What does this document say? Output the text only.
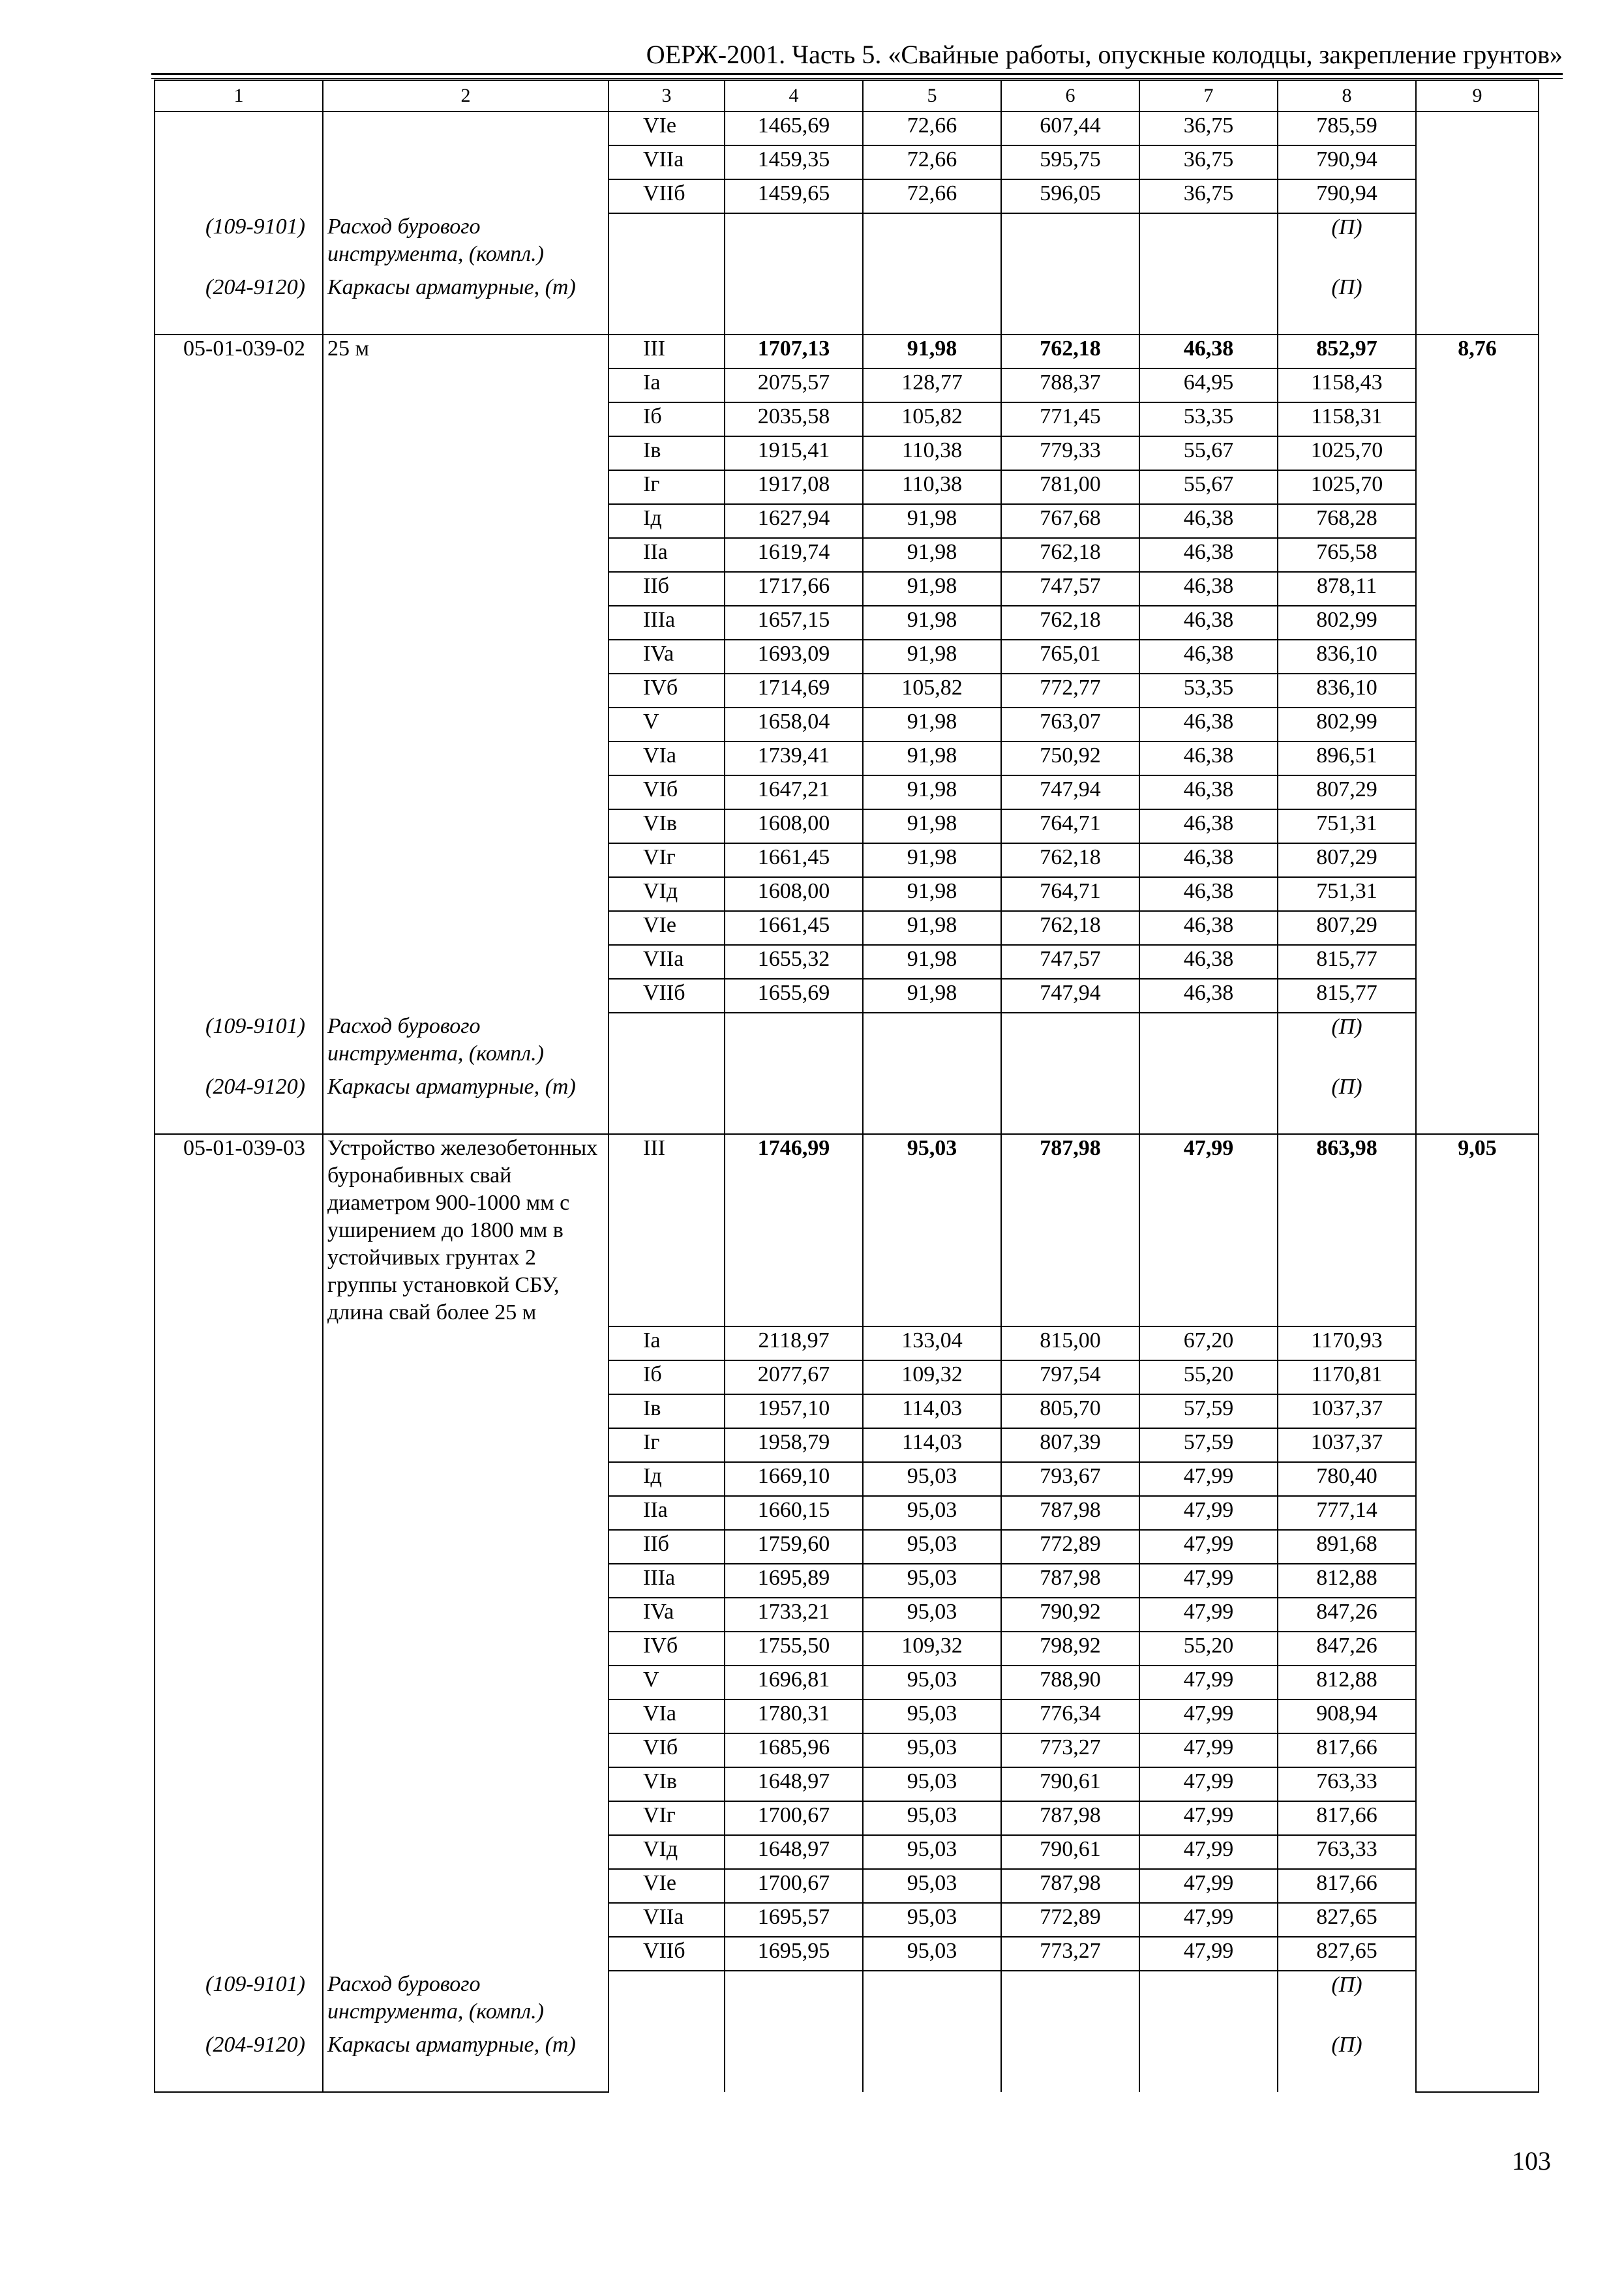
ОЕРЖ-2001. Часть 5. «Свайные работы, опускные колодцы, закрепление грунтов»
1	2	3	4	5	6	7	8	9
		VIe	1465,69	72,66	607,44	36,75	785,59	
		VIIa	1459,35	72,66	595,75	36,75	790,94	
		VIIб	1459,65	72,66	596,05	36,75	790,94	
(109-9101)	Расход бурового инструмента, (компл.)						(П)	
(204-9120)	Каркасы арматурные, (т)						(П)	
05-01-039-02	25 м	III	1707,13	91,98	762,18	46,38	852,97	8,76
		Ia	2075,57	128,77	788,37	64,95	1158,43	
		Iб	2035,58	105,82	771,45	53,35	1158,31	
		Iв	1915,41	110,38	779,33	55,67	1025,70	
		Iг	1917,08	110,38	781,00	55,67	1025,70	
		Iд	1627,94	91,98	767,68	46,38	768,28	
		IIa	1619,74	91,98	762,18	46,38	765,58	
		IIб	1717,66	91,98	747,57	46,38	878,11	
		IIIa	1657,15	91,98	762,18	46,38	802,99	
		IVa	1693,09	91,98	765,01	46,38	836,10	
		IVб	1714,69	105,82	772,77	53,35	836,10	
		V	1658,04	91,98	763,07	46,38	802,99	
		VIa	1739,41	91,98	750,92	46,38	896,51	
		VIб	1647,21	91,98	747,94	46,38	807,29	
		VIв	1608,00	91,98	764,71	46,38	751,31	
		VIг	1661,45	91,98	762,18	46,38	807,29	
		VIд	1608,00	91,98	764,71	46,38	751,31	
		VIe	1661,45	91,98	762,18	46,38	807,29	
		VIIa	1655,32	91,98	747,57	46,38	815,77	
		VIIб	1655,69	91,98	747,94	46,38	815,77	
(109-9101)	Расход бурового инструмента, (компл.)						(П)	
(204-9120)	Каркасы арматурные, (т)						(П)	
05-01-039-03	Устройство железобетонных буронабивных свай диаметром 900-1000 мм с уширением до 1800 мм в устойчивых грунтах 2 группы установкой СБУ, длина свай более 25 м	III	1746,99	95,03	787,98	47,99	863,98	9,05
		Ia	2118,97	133,04	815,00	67,20	1170,93	
		Iб	2077,67	109,32	797,54	55,20	1170,81	
		Iв	1957,10	114,03	805,70	57,59	1037,37	
		Iг	1958,79	114,03	807,39	57,59	1037,37	
		Iд	1669,10	95,03	793,67	47,99	780,40	
		IIa	1660,15	95,03	787,98	47,99	777,14	
		IIб	1759,60	95,03	772,89	47,99	891,68	
		IIIa	1695,89	95,03	787,98	47,99	812,88	
		IVa	1733,21	95,03	790,92	47,99	847,26	
		IVб	1755,50	109,32	798,92	55,20	847,26	
		V	1696,81	95,03	788,90	47,99	812,88	
		VIa	1780,31	95,03	776,34	47,99	908,94	
		VIб	1685,96	95,03	773,27	47,99	817,66	
		VIв	1648,97	95,03	790,61	47,99	763,33	
		VIг	1700,67	95,03	787,98	47,99	817,66	
		VIд	1648,97	95,03	790,61	47,99	763,33	
		VIe	1700,67	95,03	787,98	47,99	817,66	
		VIIa	1695,57	95,03	772,89	47,99	827,65	
		VIIб	1695,95	95,03	773,27	47,99	827,65	
(109-9101)	Расход бурового инструмента, (компл.)						(П)	
(204-9120)	Каркасы арматурные, (т)						(П)	
103
